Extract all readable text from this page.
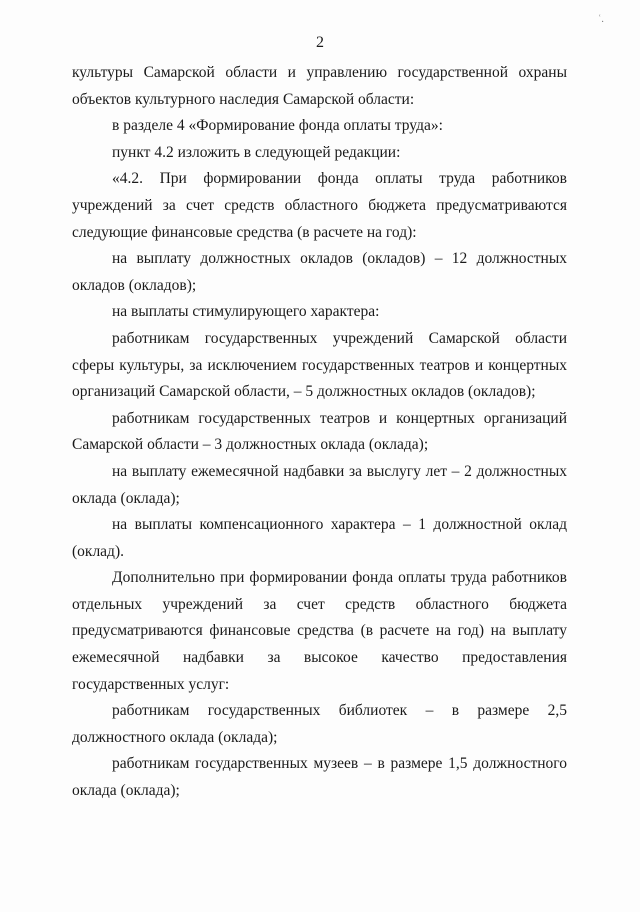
2
ʿ.

культуры Самарской области и управлению государственной охраны объектов культурного наследия Самарской области:

в разделе 4 «Формирование фонда оплаты труда»:

пункт 4.2 изложить в следующей редакции:

«4.2. При формировании фонда оплаты труда работников учреждений за счет средств областного бюджета предусматриваются следующие финансовые средства (в расчете на год):

на выплату должностных окладов (окладов) – 12 должностных окладов (окладов);

на выплаты стимулирующего характера:

работникам государственных учреждений Самарской области сферы культуры, за исключением государственных театров и концертных организаций Самарской области, – 5 должностных окладов (окладов);

работникам государственных театров и концертных организаций Самарской области – 3 должностных оклада (оклада);

на выплату ежемесячной надбавки за выслугу лет – 2 должностных оклада (оклада);

на выплаты компенсационного характера – 1 должностной оклад (оклад).

Дополнительно при формировании фонда оплаты труда работников отдельных учреждений за счет средств областного бюджета предусматриваются финансовые средства (в расчете на год) на выплату ежемесячной надбавки за высокое качество предоставления государственных услуг:

работникам государственных библиотек – в размере 2,5 должностного оклада (оклада);

работникам государственных музеев – в размере 1,5 должностного оклада (оклада);
